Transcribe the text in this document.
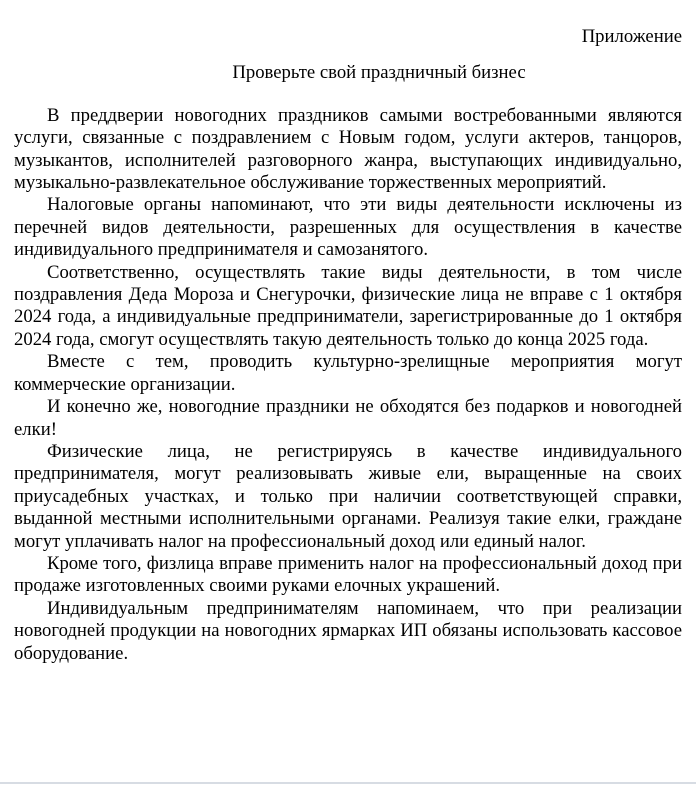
Приложение
Проверьте свой праздничный бизнес

В преддверии новогодних праздников самыми востребованными являются услуги, связанные с поздравлением с Новым годом, услуги актеров, танцоров, музыкантов, исполнителей разговорного жанра, выступающих индивидуально, музыкально-развлекательное обслуживание торжественных мероприятий.

Налоговые органы напоминают, что эти виды деятельности исключены из перечней видов деятельности, разрешенных для осуществления в качестве индивидуального предпринимателя и самозанятого.

Соответственно, осуществлять такие виды деятельности, в том числе поздравления Деда Мороза и Снегурочки, физические лица не вправе с 1 октября 2024 года, а индивидуальные предприниматели, зарегистрированные до 1 октября 2024 года, смогут осуществлять такую деятельность только до конца 2025 года.

Вместе с тем, проводить культурно-зрелищные мероприятия могут коммерческие организации.

И конечно же, новогодние праздники не обходятся без подарков и новогодней елки!

Физические лица, не регистрируясь в качестве индивидуального предпринимателя, могут реализовывать живые ели, выращенные на своих приусадебных участках, и только при наличии соответствующей справки, выданной местными исполнительными органами. Реализуя такие елки, граждане могут уплачивать налог на профессиональный доход или единый налог.

Кроме того, физлица вправе применить налог на профессиональный доход при продаже изготовленных своими руками елочных украшений.

Индивидуальным предпринимателям напоминаем, что при реализации новогодней продукции на новогодних ярмарках ИП обязаны использовать кассовое оборудование.
